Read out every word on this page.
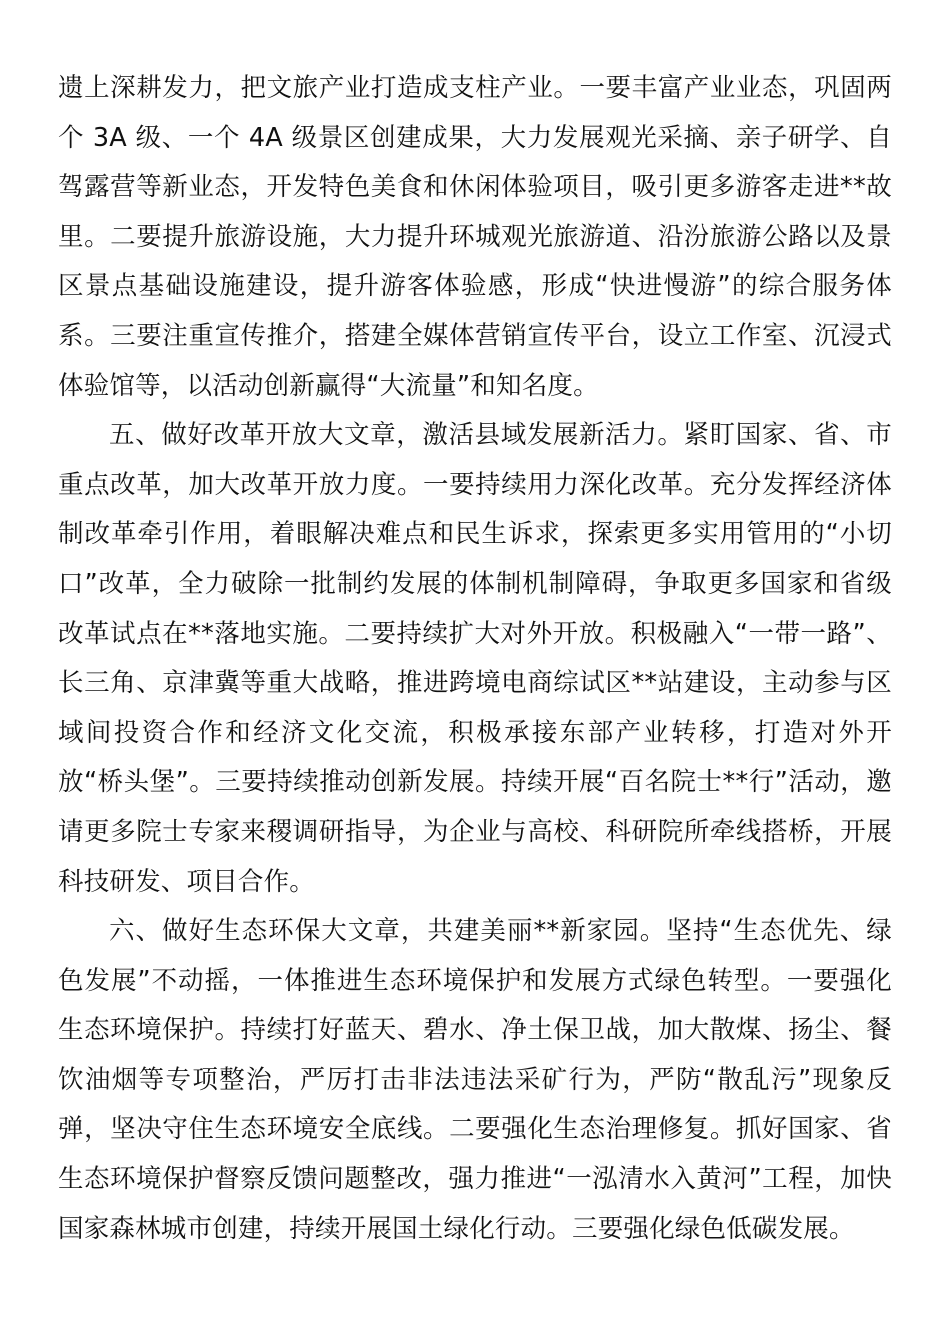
遗上深耕发力，把文旅产业打造成支柱产业。一要丰富产业业态，巩固两个 3A 级、一个 4A 级景区创建成果，大力发展观光采摘、亲子研学、自驾露营等新业态，开发特色美食和休闲体验项目，吸引更多游客走进**故里。二要提升旅游设施，大力提升环城观光旅游道、沿汾旅游公路以及景区景点基础设施建设，提升游客体验感，形成“快进慢游”的综合服务体系。三要注重宣传推介，搭建全媒体营销宣传平台，设立工作室、沉浸式体验馆等，以活动创新赢得“大流量”和知名度。

五、做好改革开放大文章，激活县域发展新活力。紧盯国家、省、市重点改革，加大改革开放力度。一要持续用力深化改革。充分发挥经济体制改革牵引作用，着眼解决难点和民生诉求，探索更多实用管用的“小切口”改革，全力破除一批制约发展的体制机制障碍，争取更多国家和省级改革试点在**落地实施。二要持续扩大对外开放。积极融入“一带一路”、长三角、京津冀等重大战略，推进跨境电商综试区**站建设，主动参与区域间投资合作和经济文化交流，积极承接东部产业转移，打造对外开放“桥头堡”。三要持续推动创新发展。持续开展“百名院士**行”活动，邀请更多院士专家来稷调研指导，为企业与高校、科研院所牵线搭桥，开展科技研发、项目合作。

六、做好生态环保大文章，共建美丽**新家园。坚持“生态优先、绿色发展”不动摇，一体推进生态环境保护和发展方式绿色转型。一要强化生态环境保护。持续打好蓝天、碧水、净土保卫战，加大散煤、扬尘、餐饮油烟等专项整治，严厉打击非法违法采矿行为，严防“散乱污”现象反弹，坚决守住生态环境安全底线。二要强化生态治理修复。抓好国家、省生态环境保护督察反馈问题整改，强力推进“一泓清水入黄河”工程，加快国家森林城市创建，持续开展国土绿化行动。三要强化绿色低碳发展。
